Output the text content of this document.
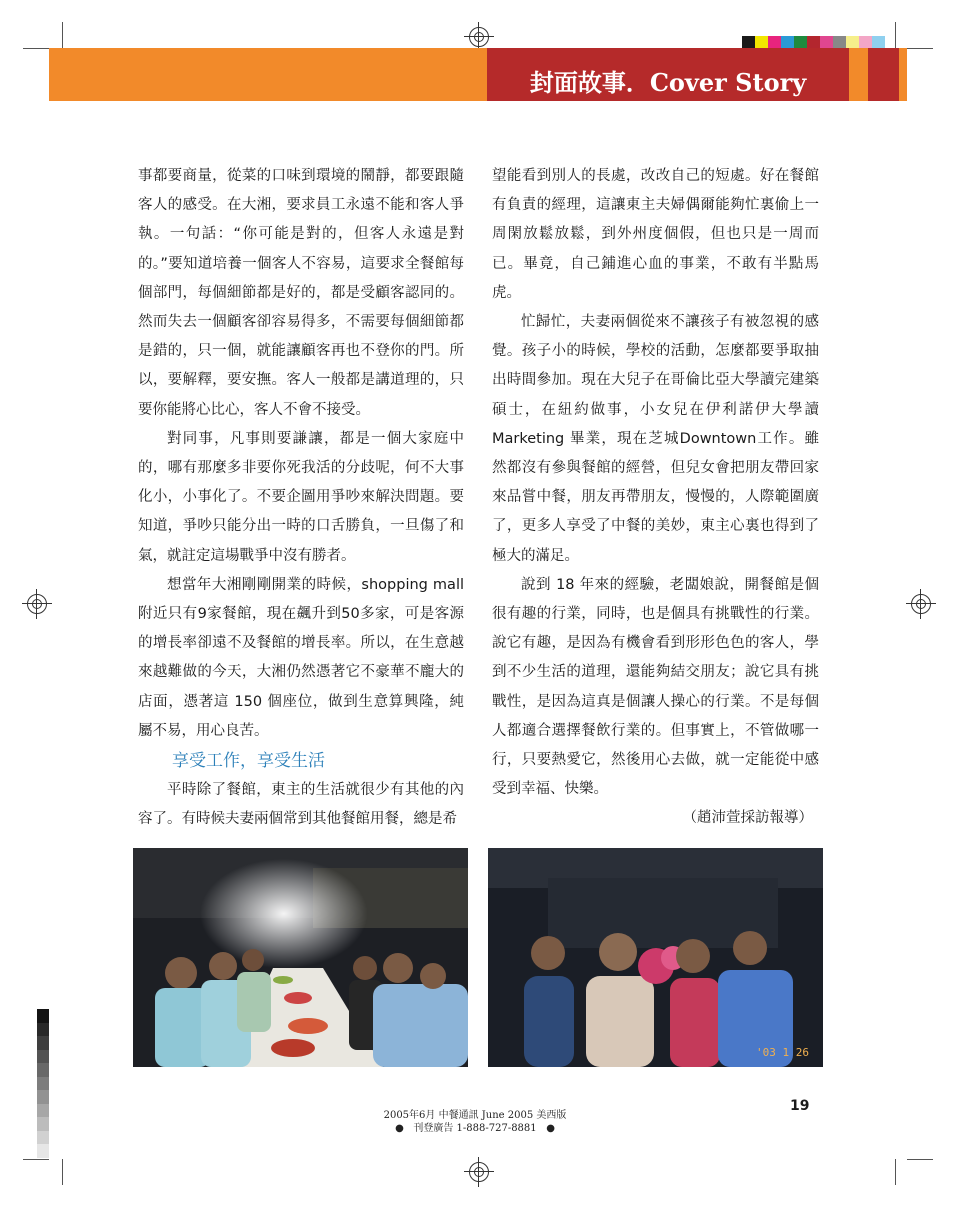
封面故事．Cover Story

事都要商量，從菜的口味到環境的鬧靜，都要跟隨客人的感受。在大湘，要求員工永遠不能和客人爭執。一句話：“你可能是對的，但客人永遠是對的。”要知道培養一個客人不容易，這要求全餐館每個部門，每個細節都是好的，都是受顧客認同的。然而失去一個顧客卻容易得多，不需要每個細節都是錯的，只一個，就能讓顧客再也不登你的門。所以，要解釋，要安撫。客人一般都是講道理的，只要你能將心比心，客人不會不接受。

對同事，凡事則要謙讓，都是一個大家庭中的，哪有那麼多非要你死我活的分歧呢，何不大事化小，小事化了。不要企圖用爭吵來解決問題。要知道，爭吵只能分出一時的口舌勝負，一旦傷了和氣，就註定這場戰爭中沒有勝者。

想當年大湘剛剛開業的時候，shopping mall附近只有9家餐館，現在飆升到50多家，可是客源的增長率卻遠不及餐館的增長率。所以，在生意越來越難做的今天，大湘仍然憑著它不豪華不龐大的店面，憑著這 150 個座位，做到生意算興隆，純屬不易，用心良苦。

享受工作，享受生活

平時除了餐館，東主的生活就很少有其他的內容了。有時候夫妻兩個常到其他餐館用餐，總是希

望能看到別人的長處，改改自己的短處。好在餐館有負責的經理，這讓東主夫婦偶爾能夠忙裏偷上一周閑放鬆放鬆，到外州度個假，但也只是一周而已。畢竟，自己鋪進心血的事業，不敢有半點馬虎。

忙歸忙，夫妻兩個從來不讓孩子有被忽視的感覺。孩子小的時候，學校的活動，怎麼都要爭取抽出時間參加。現在大兒子在哥倫比亞大學讀完建築碩士，在紐約做事，小女兒在伊利諾伊大學讀Marketing 畢業，現在芝城Downtown工作。雖然都沒有參與餐館的經營，但兒女會把朋友帶回家來品嘗中餐，朋友再帶朋友，慢慢的，人際範圍廣了，更多人享受了中餐的美妙，東主心裏也得到了極大的滿足。

說到 18 年來的經驗，老闆娘說，開餐館是個很有趣的行業，同時，也是個具有挑戰性的行業。說它有趣，是因為有機會看到形形色色的客人，學到不少生活的道理，還能夠結交朋友；說它具有挑戰性，是因為這真是個讓人操心的行業。不是每個人都適合選擇餐飲行業的。但事實上，不管做哪一行，只要熱愛它，然後用心去做，就一定能從中感受到幸福、快樂。

（趙沛萱採訪報導）

'03 1 26
2005年6月 中餐通訊 June 2005 美西版
●   刊登廣告 1-888-727-8881   ●
19
